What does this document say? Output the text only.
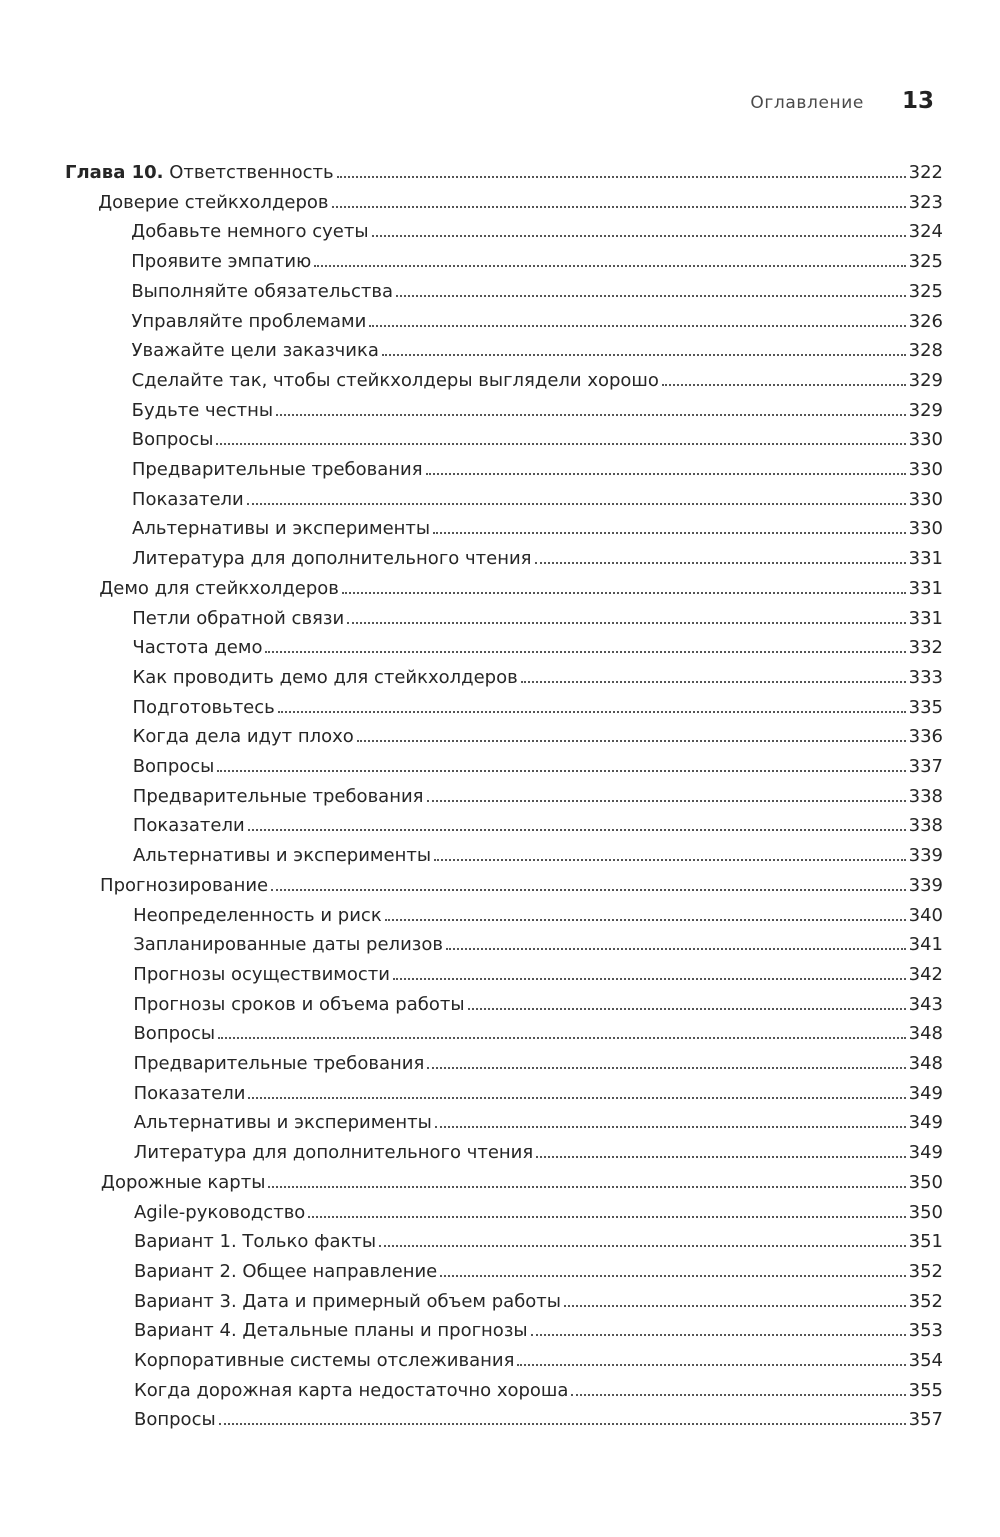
Оглавление 13
Глава 10. Ответственность	322
Доверие стейкхолдеров	323
Добавьте немного суеты	324
Проявите эмпатию	325
Выполняйте обязательства	325
Управляйте проблемами	326
Уважайте цели заказчика	328
Сделайте так, чтобы стейкхолдеры выглядели хорошо	329
Будьте честны	329
Вопросы	330
Предварительные требования	330
Показатели	330
Альтернативы и эксперименты	330
Литература для дополнительного чтения	331
Демо для стейкхолдеров	331
Петли обратной связи	331
Частота демо	332
Как проводить демо для стейкхолдеров	333
Подготовьтесь	335
Когда дела идут плохо	336
Вопросы	337
Предварительные требования	338
Показатели	338
Альтернативы и эксперименты	339
Прогнозирование	339
Неопределенность и риск	340
Запланированные даты релизов	341
Прогнозы осуществимости	342
Прогнозы сроков и объема работы	343
Вопросы	348
Предварительные требования	348
Показатели	349
Альтернативы и эксперименты	349
Литература для дополнительного чтения	349
Дорожные карты	350
Agile-руководство	350
Вариант 1. Только факты	351
Вариант 2. Общее направление	352
Вариант 3. Дата и примерный объем работы	352
Вариант 4. Детальные планы и прогнозы	353
Корпоративные системы отслеживания	354
Когда дорожная карта недостаточно хороша	355
Вопросы	357
